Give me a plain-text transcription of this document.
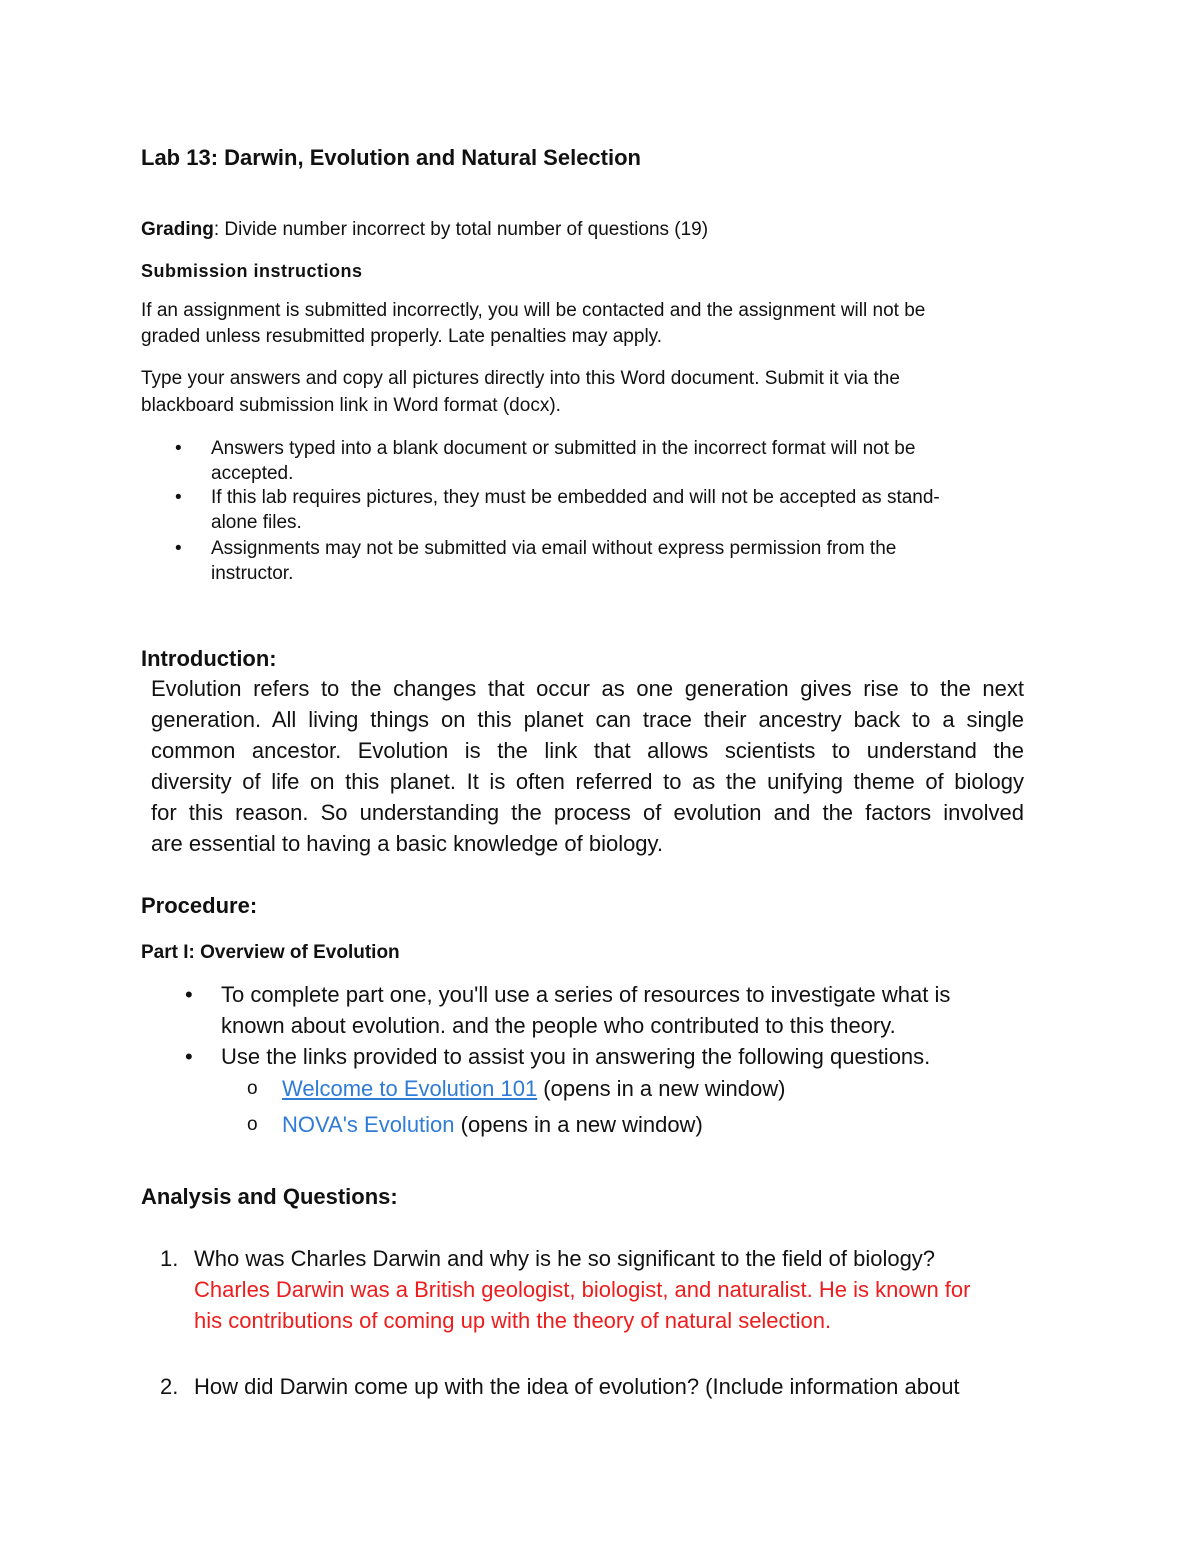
Lab 13: Darwin, Evolution and Natural Selection
Grading: Divide number incorrect by total number of questions (19)
Submission instructions
If an assignment is submitted incorrectly, you will be contacted and the assignment will not be
graded unless resubmitted properly. Late penalties may apply.
Type your answers and copy all pictures directly into this Word document. Submit it via the
blackboard submission link in Word format (docx).
• Answers typed into a blank document or submitted in the incorrect format will not be
accepted.
• If this lab requires pictures, they must be embedded and will not be accepted as stand-
alone files.
• Assignments may not be submitted via email without express permission from the
instructor.
Introduction:
Evolution refers to the changes that occur as one generation gives rise to the next
generation. All living things on this planet can trace their ancestry back to a single
common ancestor. Evolution is the link that allows scientists to understand the
diversity of life on this planet. It is often referred to as the unifying theme of biology
for this reason. So understanding the process of evolution and the factors involved
are essential to having a basic knowledge of biology.
Procedure:
Part I: Overview of Evolution
• To complete part one, you'll use a series of resources to investigate what is
known about evolution. and the people who contributed to this theory.
• Use the links provided to assist you in answering the following questions.
o Welcome to Evolution 101 (opens in a new window)
o NOVA's Evolution (opens in a new window)
Analysis and Questions:
1. Who was Charles Darwin and why is he so significant to the field of biology?
Charles Darwin was a British geologist, biologist, and naturalist. He is known for
his contributions of coming up with the theory of natural selection.
2. How did Darwin come up with the idea of evolution? (Include information about
